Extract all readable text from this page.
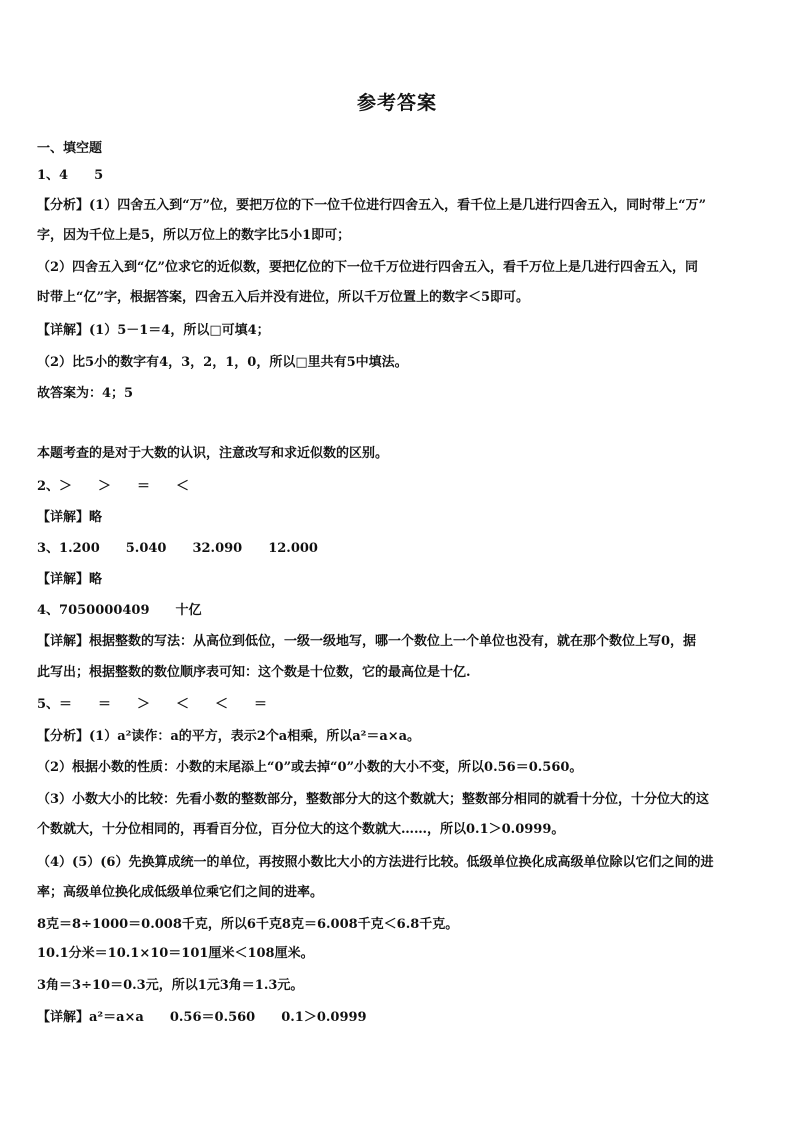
参考答案
一、填空题
1、4　　5
【分析】(1）四舍五入到“万”位，要把万位的下一位千位进行四舍五入，看千位上是几进行四舍五入，同时带上“万”
字，因为千位上是5，所以万位上的数字比5小1即可；
（2）四舍五入到“亿”位求它的近似数，要把亿位的下一位千万位进行四舍五入，看千万位上是几进行四舍五入，同
时带上“亿”字，根据答案，四舍五入后并没有进位，所以千万位置上的数字＜5即可。
【详解】(1）5－1＝4，所以□可填4；
（2）比5小的数字有4，3，2，1，0，所以□里共有5中填法。
故答案为：4；5
本题考查的是对于大数的认识，注意改写和求近似数的区别。
2、＞　　＞　　＝　　＜
【详解】略
3、1.200　　5.040　　32.090　　12.000
【详解】略
4、7050000409　　十亿
【详解】根据整数的写法：从高位到低位，一级一级地写，哪一个数位上一个单位也没有，就在那个数位上写0，据
此写出；根据整数的数位顺序表可知：这个数是十位数，它的最高位是十亿.
5、＝　　＝　　＞　　＜　　＜　　＝
【分析】(1）a²读作：a的平方，表示2个a相乘，所以a²＝a×a。
（2）根据小数的性质：小数的末尾添上“0”或去掉“0”小数的大小不变，所以0.56＝0.560。
（3）小数大小的比较：先看小数的整数部分，整数部分大的这个数就大；整数部分相同的就看十分位，十分位大的这
个数就大，十分位相同的，再看百分位，百分位大的这个数就大……，所以0.1＞0.0999。
（4）(5）(6）先换算成统一的单位，再按照小数比大小的方法进行比较。低级单位换化成高级单位除以它们之间的进
率；高级单位换化成低级单位乘它们之间的进率。
8克＝8÷1000＝0.008千克，所以6千克8克＝6.008千克＜6.8千克。
10.1分米＝10.1×10＝101厘米＜108厘米。
3角＝3÷10＝0.3元，所以1元3角＝1.3元。
【详解】a²＝a×a　　0.56＝0.560　　0.1＞0.0999
